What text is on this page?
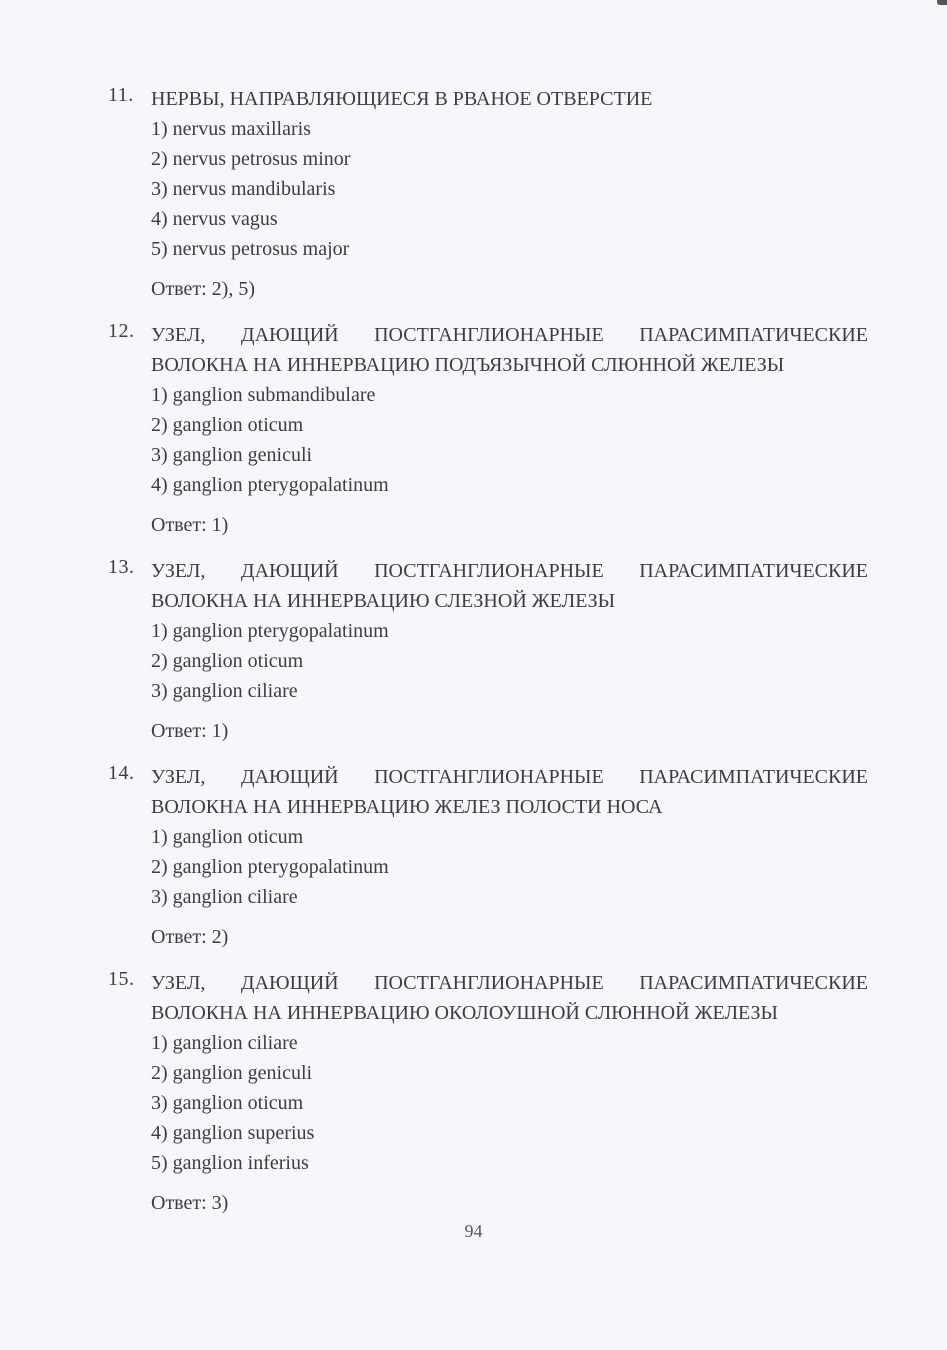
11. НЕРВЫ, НАПРАВЛЯЮЩИЕСЯ В РВАНОЕ ОТВЕРСТИЕ
1) nervus maxillaris
2) nervus petrosus minor
3) nervus mandibularis
4) nervus vagus
5) nervus petrosus major
Ответ: 2), 5)
12. УЗЕЛ, ДАЮЩИЙ ПОСТГАНГЛИОНАРНЫЕ ПАРАСИМПАТИЧЕСКИЕ
ВОЛОКНА НА ИННЕРВАЦИЮ ПОДЪЯЗЫЧНОЙ СЛЮННОЙ ЖЕЛЕЗЫ
1) ganglion submandibulare
2) ganglion oticum
3) ganglion geniculi
4) ganglion pterygopalatinum
Ответ: 1)
13. УЗЕЛ, ДАЮЩИЙ ПОСТГАНГЛИОНАРНЫЕ ПАРАСИМПАТИЧЕСКИЕ
ВОЛОКНА НА ИННЕРВАЦИЮ СЛЕЗНОЙ ЖЕЛЕЗЫ
1) ganglion pterygopalatinum
2) ganglion oticum
3) ganglion ciliare
Ответ: 1)
14. УЗЕЛ, ДАЮЩИЙ ПОСТГАНГЛИОНАРНЫЕ ПАРАСИМПАТИЧЕСКИЕ
ВОЛОКНА НА ИННЕРВАЦИЮ ЖЕЛЕЗ ПОЛОСТИ НОСА
1) ganglion oticum
2) ganglion pterygopalatinum
3) ganglion ciliare
Ответ: 2)
15. УЗЕЛ, ДАЮЩИЙ ПОСТГАНГЛИОНАРНЫЕ ПАРАСИМПАТИЧЕСКИЕ
ВОЛОКНА НА ИННЕРВАЦИЮ ОКОЛОУШНОЙ СЛЮННОЙ ЖЕЛЕЗЫ
1) ganglion ciliare
2) ganglion geniculi
3) ganglion oticum
4) ganglion superius
5) ganglion inferius
Ответ: 3)
94
